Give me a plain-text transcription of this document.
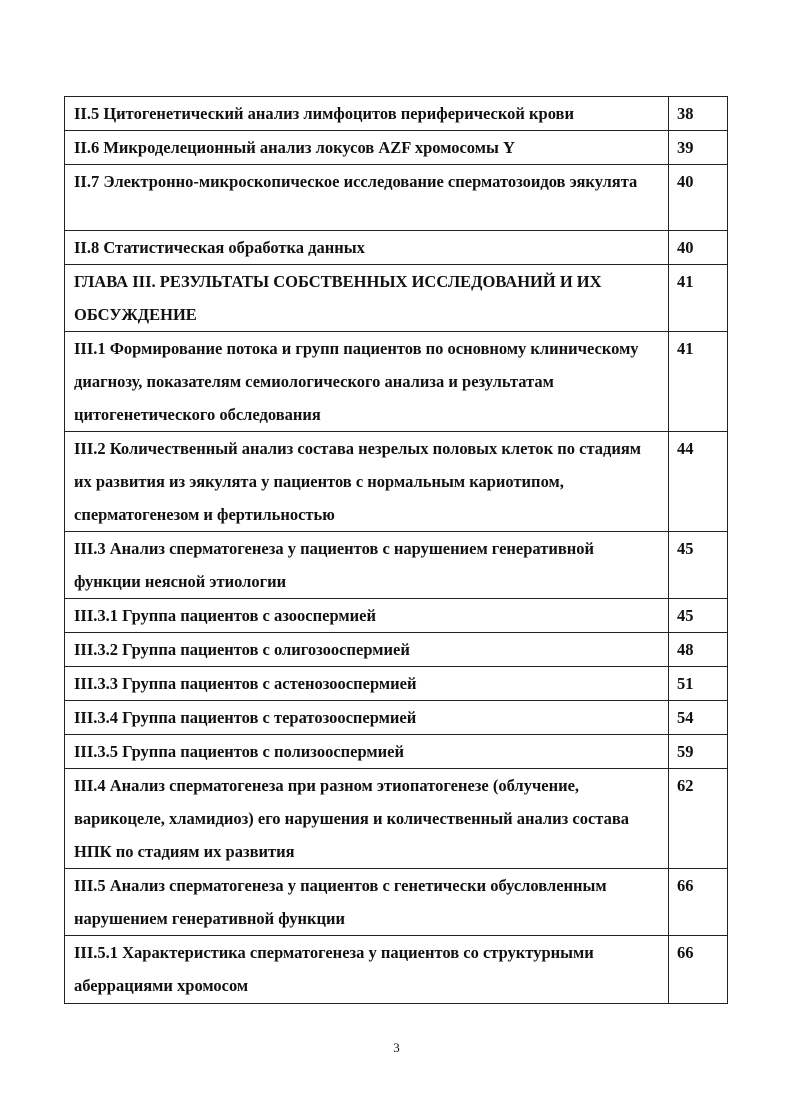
II.5 Цитогенетический анализ лимфоцитов периферической крови	38
II.6 Микроделеционный анализ локусов AZF хромосомы Y	39
II.7 Электронно-микроскопическое исследование сперматозоидов эякулята	40
II.8 Статистическая обработка данных	40
ГЛАВА III. РЕЗУЛЬТАТЫ СОБСТВЕННЫХ ИССЛЕДОВАНИЙ И ИХ ОБСУЖДЕНИЕ	41
III.1 Формирование потока и групп пациентов по основному клиническому диагнозу, показателям семиологического анализа и результатам цитогенетического обследования	41
III.2 Количественный анализ состава незрелых половых клеток по стадиям их развития из эякулята у пациентов с нормальным кариотипом, сперматогенезом и фертильностью	44
III.3 Анализ сперматогенеза у пациентов с нарушением генеративной функции неясной этиологии	45
III.3.1 Группа пациентов с азооспермией	45
III.3.2 Группа пациентов с олигозооспермией	48
III.3.3 Группа пациентов с астенозооспермией	51
III.3.4 Группа пациентов с тератозооспермией	54
III.3.5 Группа пациентов с полизооспермией	59
III.4 Анализ сперматогенеза при разном этиопатогенезе (облучение, варикоцеле, хламидиоз) его нарушения и количественный анализ состава НПК по стадиям их развития	62
III.5 Анализ сперматогенеза у пациентов с генетически обусловленным нарушением генеративной функции	66
III.5.1 Характеристика сперматогенеза у пациентов со структурными аберрациями хромосом	66
3
